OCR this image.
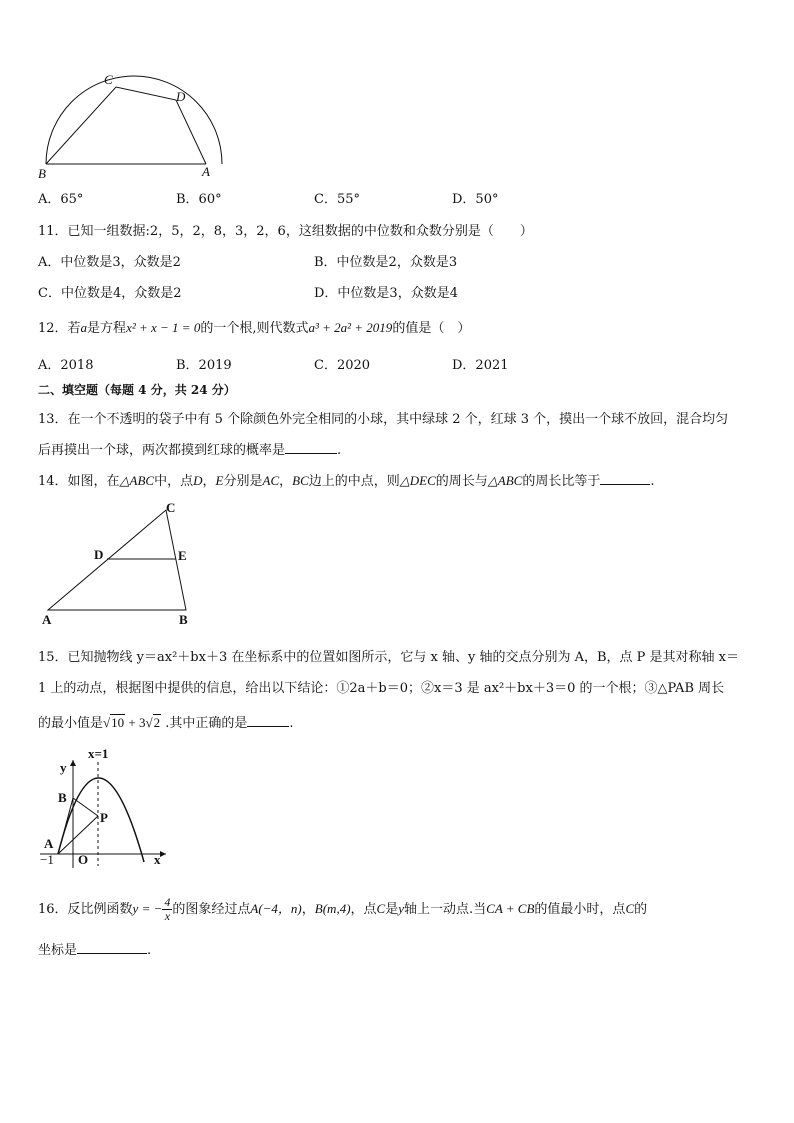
C
D
B	A
A．65°	B．60°	C．55°	D．50°
11．已知一组数据:2，5，2，8，3，2，6，这组数据的中位数和众数分别是（　　）
A．中位数是3，众数是2	B．中位数是2，众数是3
C．中位数是4，众数是2	D．中位数是3，众数是4
12．若a是方程x² + x − 1 = 0的一个根,则代数式a³ + 2a² + 2019的值是（　）
A．2018	B．2019	C．2020	D．2021
二、填空题（每题 4 分，共 24 分）
13．在一个不透明的袋子中有 5 个除颜色外完全相同的小球，其中绿球 2 个，红球 3 个，摸出一个球不放回，混合均匀
后再摸出一个球，两次都摸到红球的概率是	.
14．如图，在△ABC中，点D，E分别是AC，BC边上的中点，则△DEC的周长与△ABC的周长比等于	.
C
D	E
A	B
15．已知抛物线 y＝ax²＋bx＋3 在坐标系中的位置如图所示，它与 x 轴、y 轴的交点分别为 A，B，点 P 是其对称轴 x＝
1 上的动点，根据图中提供的信息，给出以下结论：①2a＋b＝0；②x＝3 是 ax²＋bx＋3＝0 的一个根；③△PAB 周长
的最小值是√10 + 3√2 .其中正确的是	.
x=1
y
B
P
A
−1 O	x
16．反比例函数y = − $\frac{4}{x}$ 的图象经过点A(−4，n)，B(m,4)，点C是y轴上一动点.当CA + CB的值最小时，点C的
坐标是	.
